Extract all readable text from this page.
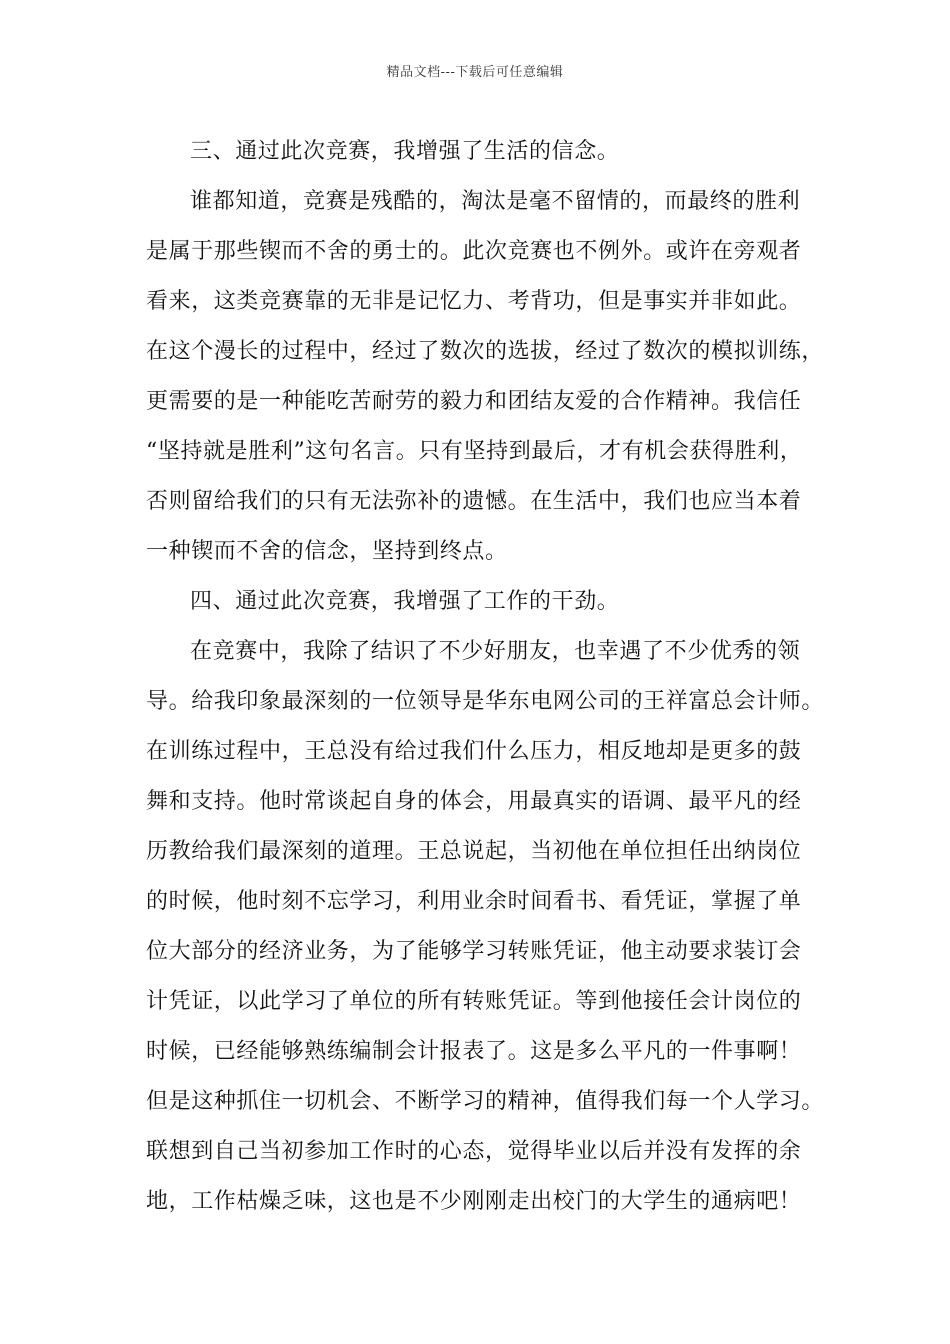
精品文档---下载后可任意编辑
三、通过此次竞赛，我增强了生活的信念。
谁都知道，竞赛是残酷的，淘汰是毫不留情的，而最终的胜利
是属于那些锲而不舍的勇士的。此次竞赛也不例外。或许在旁观者
看来，这类竞赛靠的无非是记忆力、考背功，但是事实并非如此。
在这个漫长的过程中，经过了数次的选拔，经过了数次的模拟训练，
更需要的是一种能吃苦耐劳的毅力和团结友爱的合作精神。我信任
“坚持就是胜利”这句名言。只有坚持到最后，才有机会获得胜利，
否则留给我们的只有无法弥补的遗憾。在生活中，我们也应当本着
一种锲而不舍的信念，坚持到终点。
四、通过此次竞赛，我增强了工作的干劲。
在竞赛中，我除了结识了不少好朋友，也幸遇了不少优秀的领
导。给我印象最深刻的一位领导是华东电网公司的王祥富总会计师。
在训练过程中，王总没有给过我们什么压力，相反地却是更多的鼓
舞和支持。他时常谈起自身的体会，用最真实的语调、最平凡的经
历教给我们最深刻的道理。王总说起，当初他在单位担任出纳岗位
的时候，他时刻不忘学习，利用业余时间看书、看凭证，掌握了单
位大部分的经济业务，为了能够学习转账凭证，他主动要求装订会
计凭证，以此学习了单位的所有转账凭证。等到他接任会计岗位的
时候，已经能够熟练编制会计报表了。这是多么平凡的一件事啊！
但是这种抓住一切机会、不断学习的精神，值得我们每一个人学习。
联想到自己当初参加工作时的心态，觉得毕业以后并没有发挥的余
地，工作枯燥乏味，这也是不少刚刚走出校门的大学生的通病吧！
